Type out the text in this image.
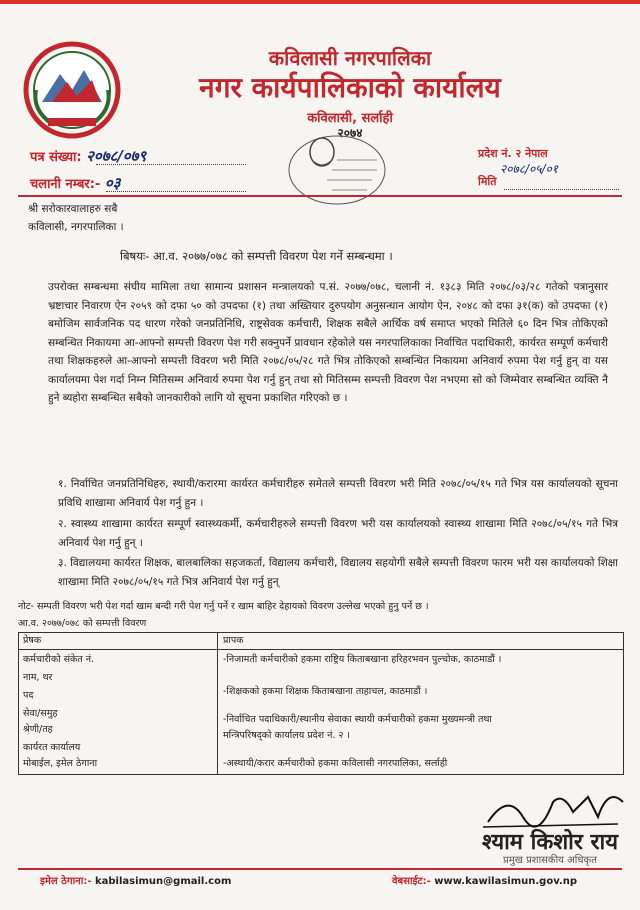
कविलासी नगरपालिका
नगर कार्यपालिकाको कार्यालय
कविलासी, सर्लाही
२०७४
पत्र संख्या: २०७८/०७९
चलानी नम्बर:- ०३
प्रदेश नं. २ नेपाल
२०७८/०५/०१
मिति
श्री सरोकारवालाहरु सबै
कविलासी, नगरपालिका ।
बिषयः- आ.व. २०७७/०७८ को सम्पत्ती विवरण पेश गर्ने सम्बन्धमा ।
उपरोक्त सम्बन्धमा संघीय मामिला तथा सामान्य प्रशासन मन्त्रालयको प.सं. २०७७/०७८, चलानी नं. १३८३ मिति २०७८/०३/२८ गतेको पत्रानुसार भ्रष्टाचार निवारण ऐन २०५९ को दफा ५० को उपदफा (१) तथा अख्तियार दुरुपयोग अनुसन्धान आयोग ऐन, २०४८ को दफा ३१(क) को उपदफा (१) बमोजिम सार्वजनिक पद धारण गरेको जनप्रतिनिधि, राष्ट्रसेवक कर्मचारी, शिक्षक सबैले आर्थिक वर्ष समाप्त भएको मितिले ६० दिन भित्र तोकिएको सम्बन्धित निकायमा आ-आफ्नो सम्पत्ती विवरण पेश गरी सक्नुपर्ने प्रावधान रहेकोले यस नगरपालिकाका निर्वाचित पदाधिकारी, कार्यरत सम्पूर्ण कर्मचारी तथा शिक्षकहरुले आ-आफ्नो सम्पत्ती विवरण भरी मिति २०७८/०५/२८ गते भित्र तोकिएको सम्बन्धित निकायमा अनिवार्य रुपमा पेश गर्नु हुन् वा यस कार्यालयमा पेश गर्दा निम्न मितिसम्म अनिवार्य रुपमा पेश गर्नु हुन् तथा सो मितिसम्म सम्पत्ती विवरण पेश नभएमा सो को जिम्मेवार सम्बन्धित व्यक्ति नै हुने ब्यहोरा सम्बन्धित सबैको जानकारीको लागि यो सूचना प्रकाशित गरिएको छ ।
१. निर्वाचित जनप्रतिनिधिहरु, स्थायी/करारमा कार्यरत कर्मचारीहरु समेतले सम्पत्ती विवरण भरी मिति २०७८/०५/१५ गते भित्र यस कार्यालयको सूचना प्रविधि शाखामा अनिवार्य पेश गर्नु हुन ।
२. स्वास्थ्य शाखामा कार्यरत सम्पूर्ण स्वास्थ्यकर्मी, कर्मचारीहरुले सम्पत्ती विवरण भरी यस कार्यालयको स्वास्थ्य शाखामा मिति २०७८/०५/१५ गते भित्र अनिवार्य पेश गर्नु हुन् ।
३. विद्यालयमा कार्यरत शिक्षक, बालबालिका सहजकर्ता, विद्यालय कर्मचारी, विद्यालय सहयोगी सबैले सम्पत्ती विवरण फारम भरी यस कार्यालयको शिक्षा शाखामा मिति २०७८/०५/१५ गते भित्र अनिवार्य पेश गर्नु हुन्
नोट- सम्पती विवरण भरी पेश गर्दा खाम बन्दी गरी पेश गर्नु पर्ने र खाम बाहिर देहायको विवरण उल्लेख भएको हुनु पर्ने छ ।
आ.व. २०७७/०७८ को सम्पत्ती विवरण
प्रेषक	प्रापक
कर्मचारीको संकेत नं.
नाम, थर
पद
सेवा/समुह
श्रेणी/तह
कार्यरत कार्यालय
मोबाईल, इमेल ठेगाना
-निजामती कर्मचारीको हकमा राष्ट्रिय किताबखाना हरिहरभवन पुल्चोक, काठमाडौं ।
-शिक्षकको हकमा शिक्षक किताबखाना ताहाचल, काठमाडौं ।
-निर्वाचित पदाधिकारी/स्थानीय सेवाका स्थायी कर्मचारीको हकमा मुख्यमन्त्री तथा
मन्त्रिपरिषद्को कार्यालय प्रदेश नं. २ ।
-अस्थायी/करार कर्मचारीको हकमा कविलासी नगरपालिका, सर्लाही
श्याम किशोर राय
प्रमुख प्रशासकीय अधिकृत
इमेल ठेगाना:- kabilasimun@gmail.com	वेबसाईट:- www.kawilasimun.gov.np
